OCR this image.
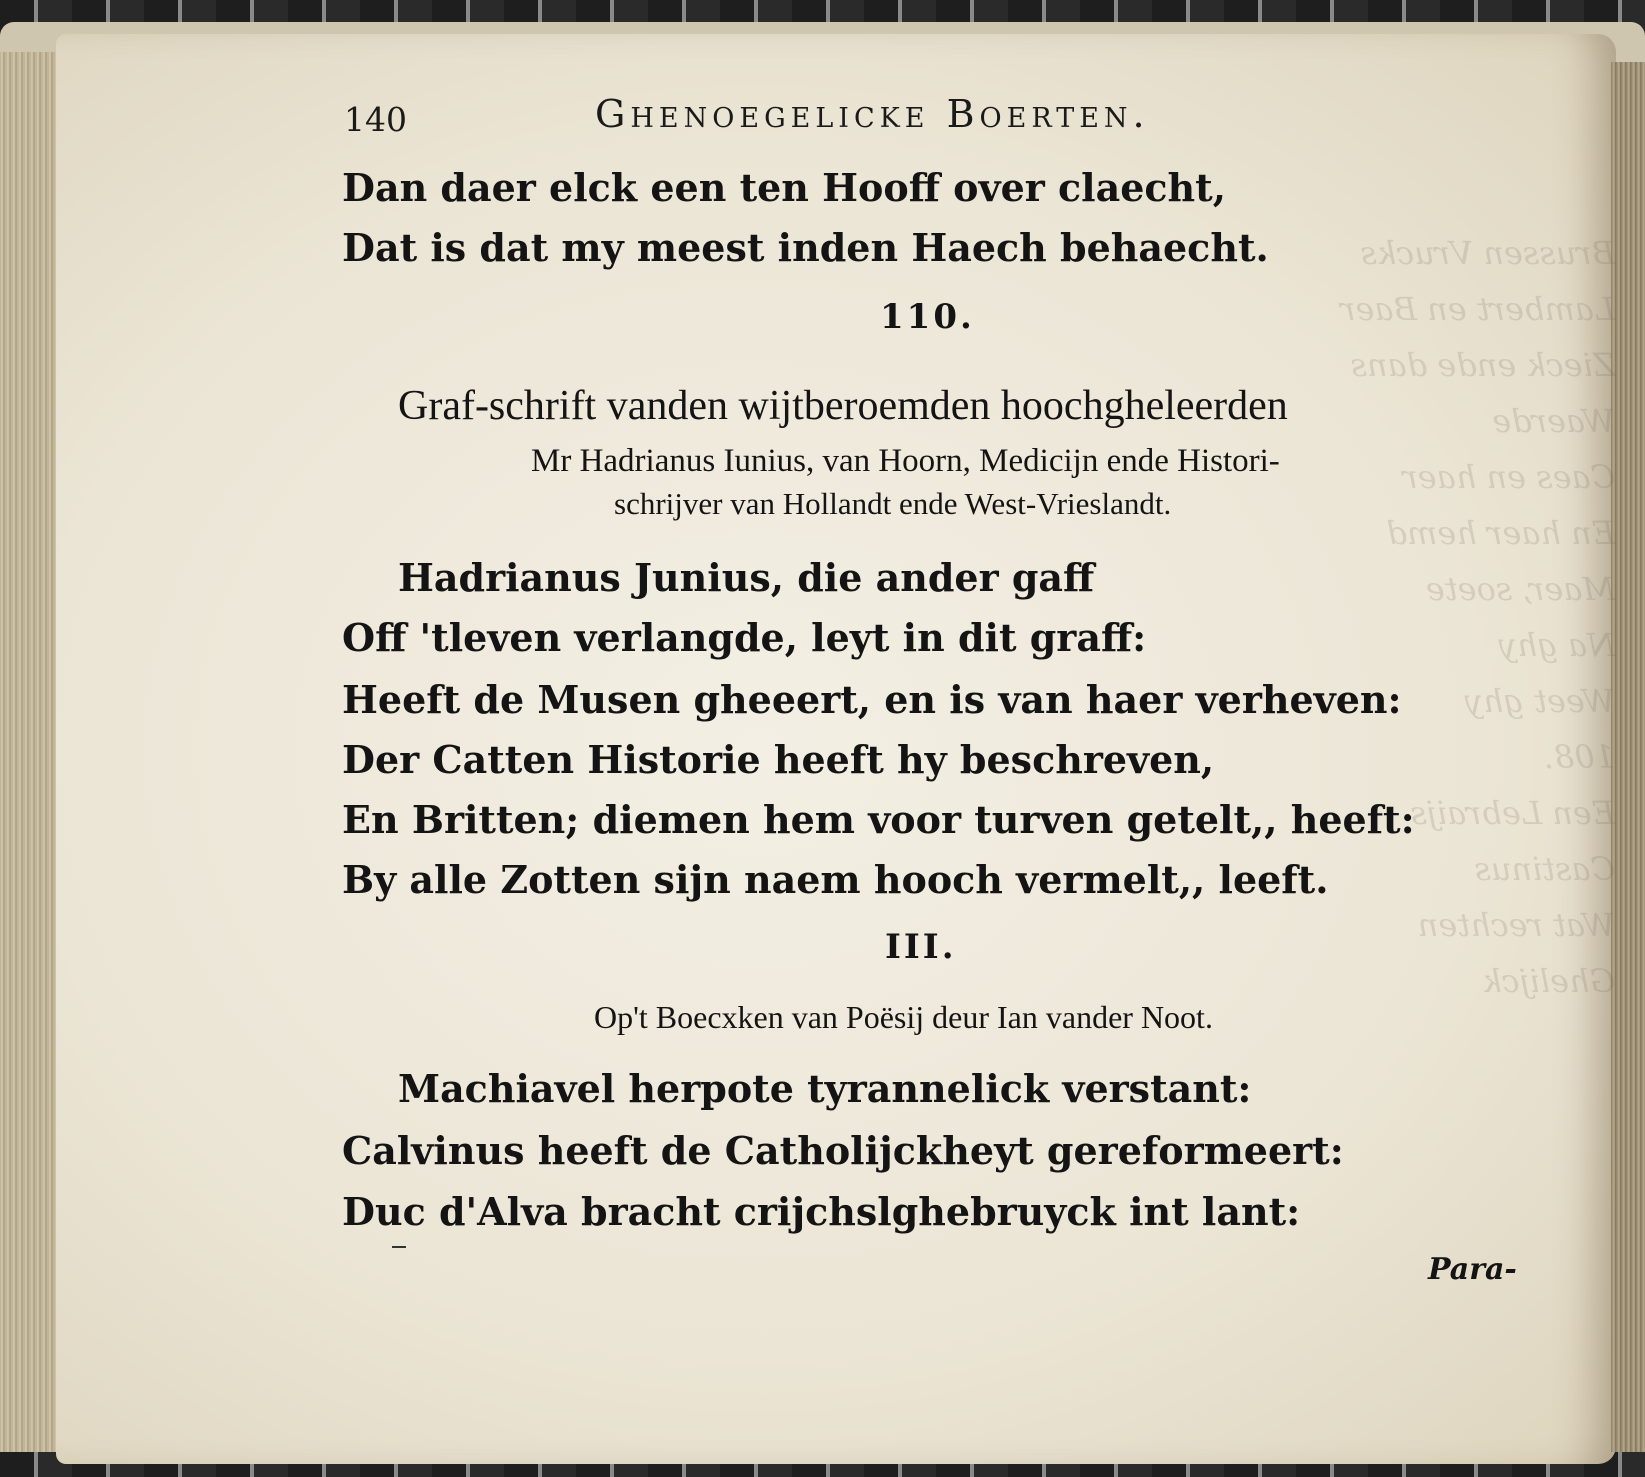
Brussen Vrucks
Lambert en Baer
Zieck ende dans
Waerde
Caes en haer
En haer hemd
Maer, soete
Na ghy
Weet ghy
108.
Een Lebraijs
Castinus
Wat rechten
Ghelijck
140	Ghenoegelicke Boerten.
Dan daer elck een ten Hooff over claecht,
Dat is dat my meest inden Haech behaecht.
110.
Graf-schrift vanden wijtberoemden hoochgheleerden
Mr Hadrianus Iunius, van Hoorn, Medicijn ende Histori-
schrijver van Hollandt ende West-Vrieslandt.
Hadrianus Junius, die ander gaff
Off 'tleven verlangde, leyt in dit graff:
Heeft de Musen gheeert, en is van haer verheven:
Der Catten Historie heeft hy beschreven,
En Britten; diemen hem voor turven getelt,, heeft:
By alle Zotten sijn naem hooch vermelt,, leeft.
III.
Op't Boecxken van Poësij deur Ian vander Noot.
Machiavel herpote tyrannelick verstant:
Calvinus heeft de Catholijckheyt gereformeert:
Duc d'Alva bracht crijchslghebruyck int lant:
Para-
